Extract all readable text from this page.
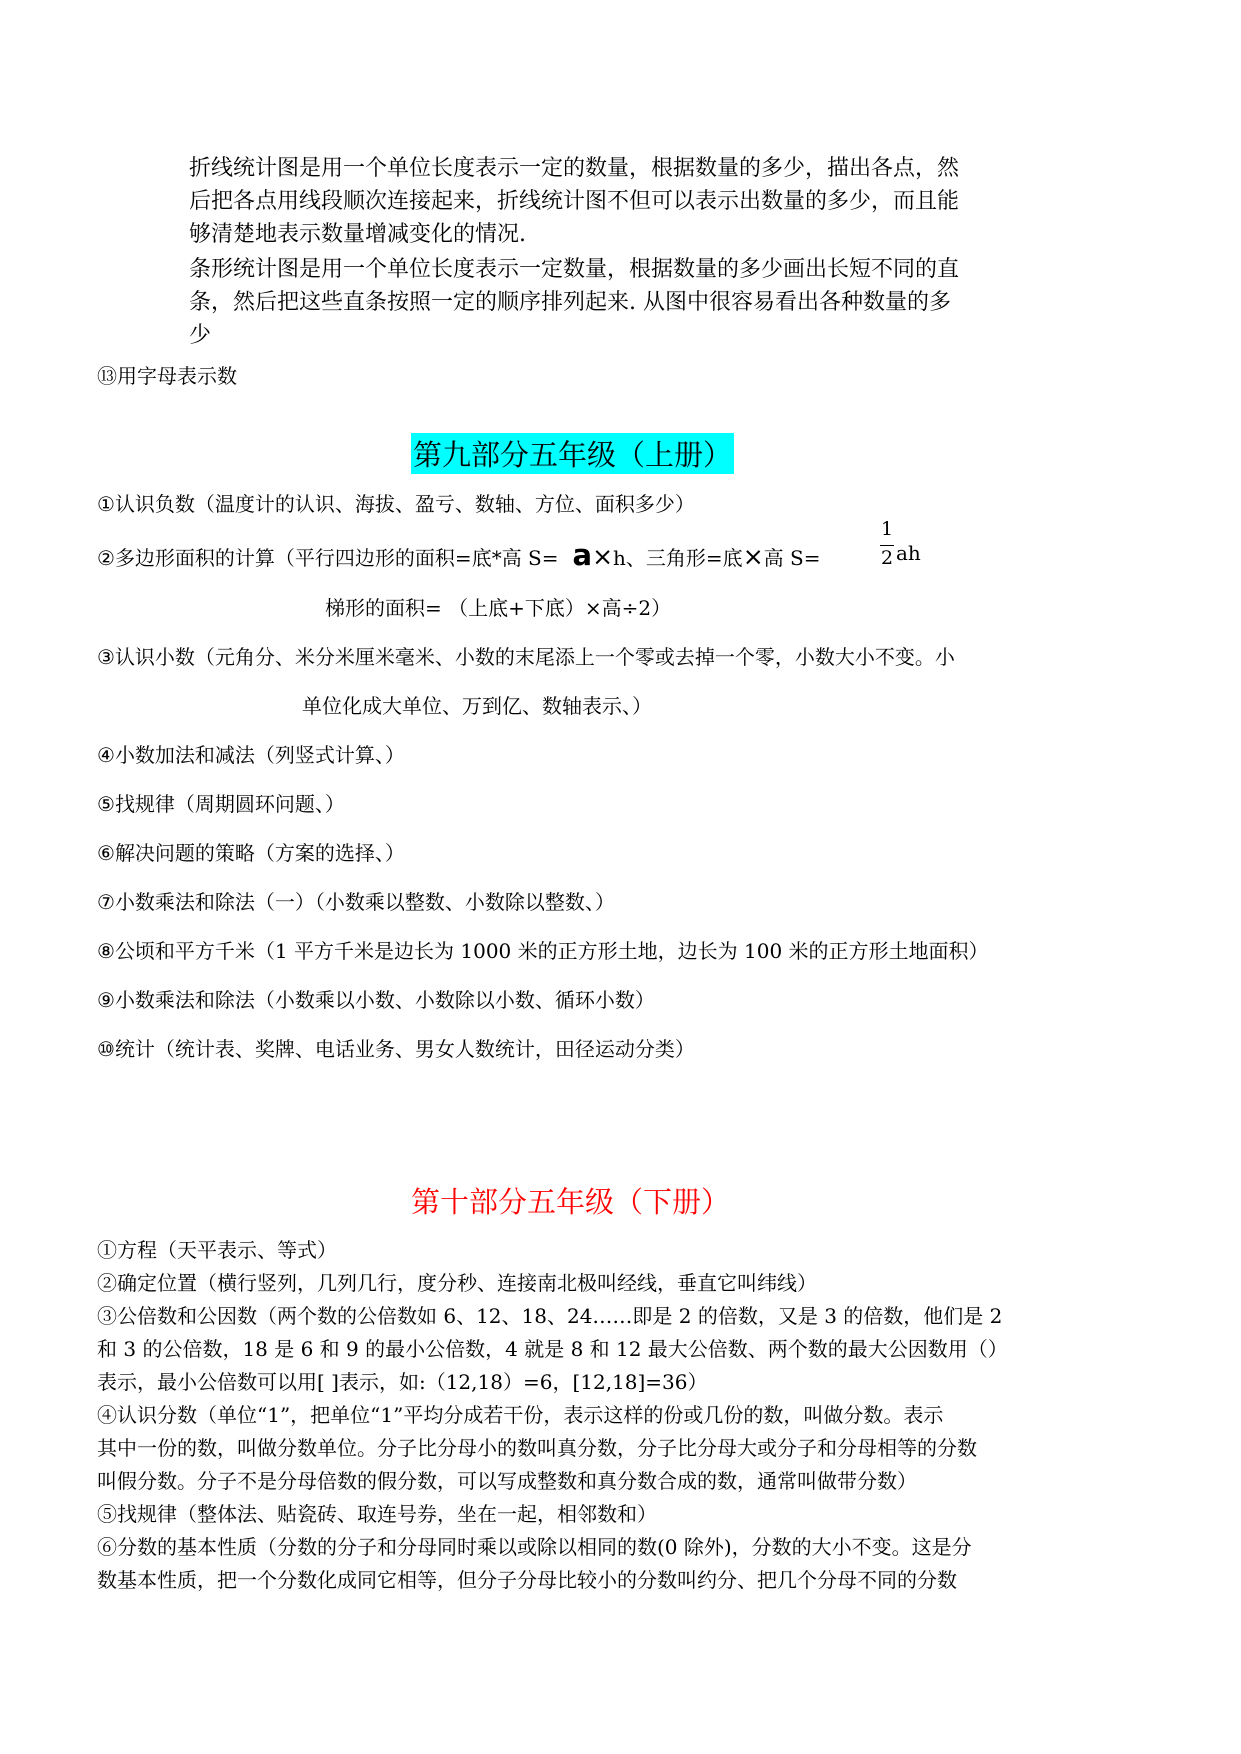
折线统计图是用一个单位长度表示一定的数量，根据数量的多少，描出各点，然
后把各点用线段顺次连接起来，折线统计图不但可以表示出数量的多少，而且能
够清楚地表示数量增减变化的情况.
条形统计图是用一个单位长度表示一定数量，根据数量的多少画出长短不同的直
条，然后把这些直条按照一定的顺序排列起来. 从图中很容易看出各种数量的多
少
⑬用字母表示数
第九部分五年级（上册）
①认识负数（温度计的认识、海拔、盈亏、数轴、方位、面积多少）
②多边形面积的计算（平行四边形的面积=底*高 S= a×h、三角形=底×高 S=
1
2 ah
梯形的面积= （上底+下底）×高÷2）
③认识小数（元角分、米分米厘米毫米、小数的末尾添上一个零或去掉一个零，小数大小不变。小
单位化成大单位、万到亿、数轴表示、）
④小数加法和减法（列竖式计算、）
⑤找规律（周期圆环问题、）
⑥解决问题的策略（方案的选择、）
⑦小数乘法和除法（一）（小数乘以整数、小数除以整数、）
⑧公顷和平方千米（1 平方千米是边长为 1000 米的正方形土地，边长为 100 米的正方形土地面积）
⑨小数乘法和除法（小数乘以小数、小数除以小数、循环小数）
⑩统计（统计表、奖牌、电话业务、男女人数统计，田径运动分类）
第十部分五年级（下册）
①方程（天平表示、等式）
②确定位置（横行竖列，几列几行，度分秒、连接南北极叫经线，垂直它叫纬线）
③公倍数和公因数（两个数的公倍数如 6、12、18、24……即是 2 的倍数，又是 3 的倍数，他们是 2
和 3 的公倍数，18 是 6 和 9 的最小公倍数，4 就是 8 和 12 最大公倍数、两个数的最大公因数用（）
表示，最小公倍数可以用[ ]表示，如:（12,18）=6，[12,18]=36）
④认识分数（单位“1”，把单位“1”平均分成若干份，表示这样的份或几份的数，叫做分数。表示
其中一份的数，叫做分数单位。分子比分母小的数叫真分数，分子比分母大或分子和分母相等的分数
叫假分数。分子不是分母倍数的假分数，可以写成整数和真分数合成的数，通常叫做带分数）
⑤找规律（整体法、贴瓷砖、取连号券，坐在一起，相邻数和）
⑥分数的基本性质（分数的分子和分母同时乘以或除以相同的数(0 除外)，分数的大小不变。这是分
数基本性质，把一个分数化成同它相等，但分子分母比较小的分数叫约分、把几个分母不同的分数
